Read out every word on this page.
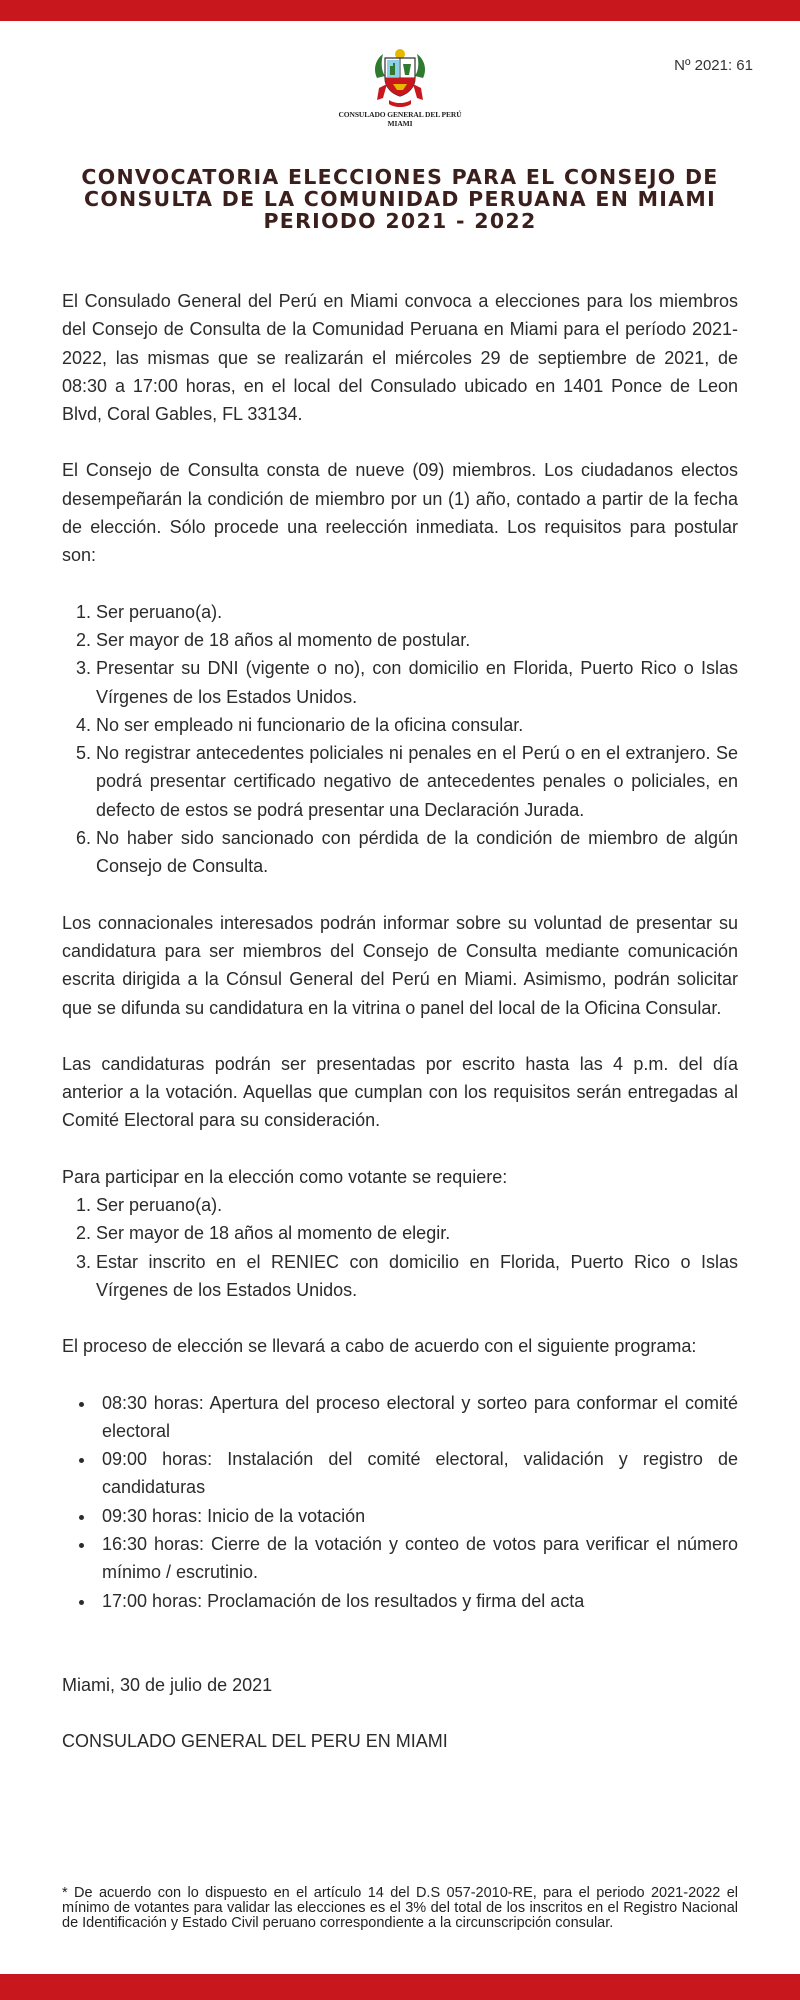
Nº 2021: 61
CONSULADO GENERAL DEL PERÚ
MIAMI
CONVOCATORIA ELECCIONES PARA EL CONSEJO DE
CONSULTA DE LA COMUNIDAD PERUANA EN MIAMI
PERIODO 2021 - 2022

El Consulado General del Perú en Miami convoca a elecciones para los miembros del Consejo de Consulta de la Comunidad Peruana en Miami para el período 2021-2022, las mismas que se realizarán el miércoles 29 de septiembre de 2021, de 08:30 a 17:00 horas, en el local del Consulado ubicado en 1401 Ponce de Leon Blvd, Coral Gables, FL 33134.

El Consejo de Consulta consta de nueve (09) miembros. Los ciudadanos electos desempeñarán la condición de miembro por un (1) año, contado a partir de la fecha de elección. Sólo procede una reelección inmediata. Los requisitos para postular son:

1. Ser peruano(a).
2. Ser mayor de 18 años al momento de postular.
3. Presentar su DNI (vigente o no), con domicilio en Florida, Puerto Rico o Islas Vírgenes de los Estados Unidos.
4. No ser empleado ni funcionario de la oficina consular.
5. No registrar antecedentes policiales ni penales en el Perú o en el extranjero. Se podrá presentar certificado negativo de antecedentes penales o policiales, en defecto de estos se podrá presentar una Declaración Jurada.
6. No haber sido sancionado con pérdida de la condición de miembro de algún Consejo de Consulta.

Los connacionales interesados podrán informar sobre su voluntad de presentar su candidatura para ser miembros del Consejo de Consulta mediante comunicación escrita dirigida a la Cónsul General del Perú en Miami. Asimismo, podrán solicitar que se difunda su candidatura en la vitrina o panel del local de la Oficina Consular.

Las candidaturas podrán ser presentadas por escrito hasta las 4 p.m. del día anterior a la votación. Aquellas que cumplan con los requisitos serán entregadas al Comité Electoral para su consideración.

Para participar en la elección como votante se requiere:

1. Ser peruano(a).
2. Ser mayor de 18 años al momento de elegir.
3. Estar inscrito en el RENIEC con domicilio en Florida, Puerto Rico o Islas Vírgenes de los Estados Unidos.

El proceso de elección se llevará a cabo de acuerdo con el siguiente programa:

• 08:30 horas: Apertura del proceso electoral y sorteo para conformar el comité electoral
• 09:00 horas: Instalación del comité electoral, validación y registro de candidaturas
• 09:30 horas: Inicio de la votación
• 16:30 horas: Cierre de la votación y conteo de votos para verificar el número mínimo / escrutinio.
• 17:00 horas: Proclamación de los resultados y firma del acta

Miami, 30 de julio de 2021

CONSULADO GENERAL DEL PERU EN MIAMI

* De acuerdo con lo dispuesto en el artículo 14 del D.S 057-2010-RE, para el periodo 2021-2022 el mínimo de votantes para validar las elecciones es el 3% del total de los inscritos en el Registro Nacional de Identificación y Estado Civil peruano correspondiente a la circunscripción consular.
